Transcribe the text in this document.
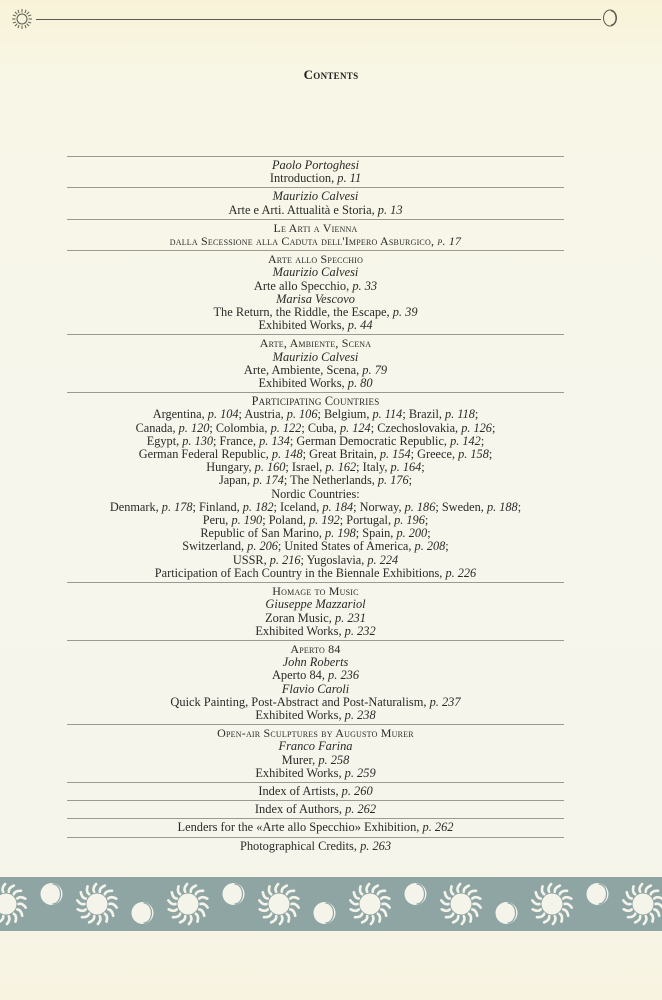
Contents
Paolo Portoghesi
Introduction, p. 11
Maurizio Calvesi
Arte e Arti. Attualità e Storia, p. 13
Le Arti a Vienna
dalla Secessione alla Caduta dell'Impero Asburgico, p. 17
Arte allo Specchio
Maurizio Calvesi
Arte allo Specchio, p. 33
Marisa Vescovo
The Return, the Riddle, the Escape, p. 39
Exhibited Works, p. 44
Arte, Ambiente, Scena
Maurizio Calvesi
Arte, Ambiente, Scena, p. 79
Exhibited Works, p. 80
Participating Countries
Argentina, p. 104; Austria, p. 106; Belgium, p. 114; Brazil, p. 118;
Canada, p. 120; Colombia, p. 122; Cuba, p. 124; Czechoslovakia, p. 126;
Egypt, p. 130; France, p. 134; German Democratic Republic, p. 142;
German Federal Republic, p. 148; Great Britain, p. 154; Greece, p. 158;
Hungary, p. 160; Israel, p. 162; Italy, p. 164;
Japan, p. 174; The Netherlands, p. 176;
Nordic Countries:
Denmark, p. 178; Finland, p. 182; Iceland, p. 184; Norway, p. 186; Sweden, p. 188;
Peru, p. 190; Poland, p. 192; Portugal, p. 196;
Republic of San Marino, p. 198; Spain, p. 200;
Switzerland, p. 206; United States of America, p. 208;
USSR, p. 216; Yugoslavia, p. 224
Participation of Each Country in the Biennale Exhibitions, p. 226
Homage to Music
Giuseppe Mazzariol
Zoran Music, p. 231
Exhibited Works, p. 232
Aperto 84
John Roberts
Aperto 84, p. 236
Flavio Caroli
Quick Painting, Post-Abstract and Post-Naturalism, p. 237
Exhibited Works, p. 238
Open-air Sculptures by Augusto Murer
Franco Farina
Murer, p. 258
Exhibited Works, p. 259
Index of Artists, p. 260
Index of Authors, p. 262
Lenders for the «Arte allo Specchio» Exhibition, p. 262
Photographical Credits, p. 263
